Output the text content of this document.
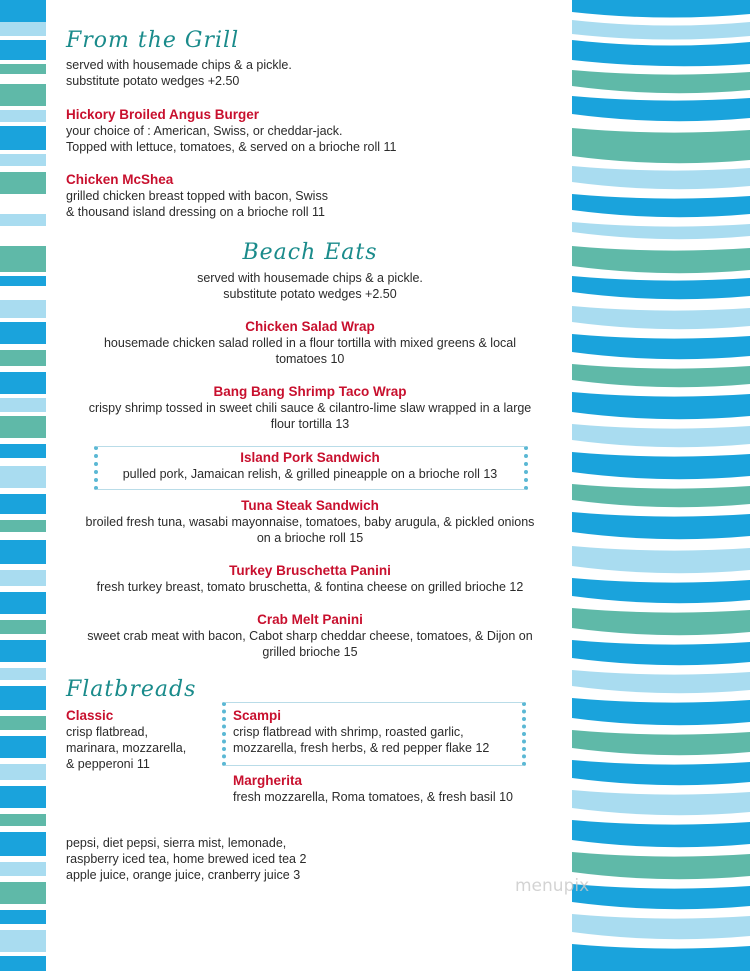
From the Grill
served with housemade chips & a pickle.
substitute potato wedges +2.50
Hickory Broiled Angus Burger
your choice of : American, Swiss, or cheddar-jack.
Topped with lettuce, tomatoes, & served on a brioche roll 11
Chicken McShea
grilled chicken breast topped with bacon, Swiss
& thousand island dressing on a brioche roll 11
Beach Eats
served with housemade chips & a pickle.
substitute potato wedges +2.50
Chicken Salad Wrap
housemade chicken salad rolled in a flour tortilla with mixed greens & local
tomatoes 10
Bang Bang Shrimp Taco Wrap
crispy shrimp tossed in sweet chili sauce & cilantro-lime slaw wrapped in a large
flour tortilla 13
Island Pork Sandwich
pulled pork, Jamaican relish, & grilled pineapple on a brioche roll 13
Tuna Steak Sandwich
broiled fresh tuna, wasabi mayonnaise, tomatoes, baby arugula, & pickled onions
on a brioche roll 15
Turkey Bruschetta Panini
fresh turkey breast, tomato bruschetta, & fontina cheese on grilled brioche 12
Crab Melt Panini
sweet crab meat with bacon, Cabot sharp cheddar cheese, tomatoes, & Dijon on
grilled brioche 15
Flatbreads
Classic
crisp flatbread,
marinara, mozzarella,
& pepperoni 11
Scampi
crisp flatbread with shrimp, roasted garlic,
mozzarella, fresh herbs, & red pepper flake 12
Margherita
fresh mozzarella, Roma tomatoes, & fresh basil 10
pepsi, diet pepsi, sierra mist, lemonade,
raspberry iced tea, home brewed iced tea 2
apple juice, orange juice, cranberry juice 3
menupix
